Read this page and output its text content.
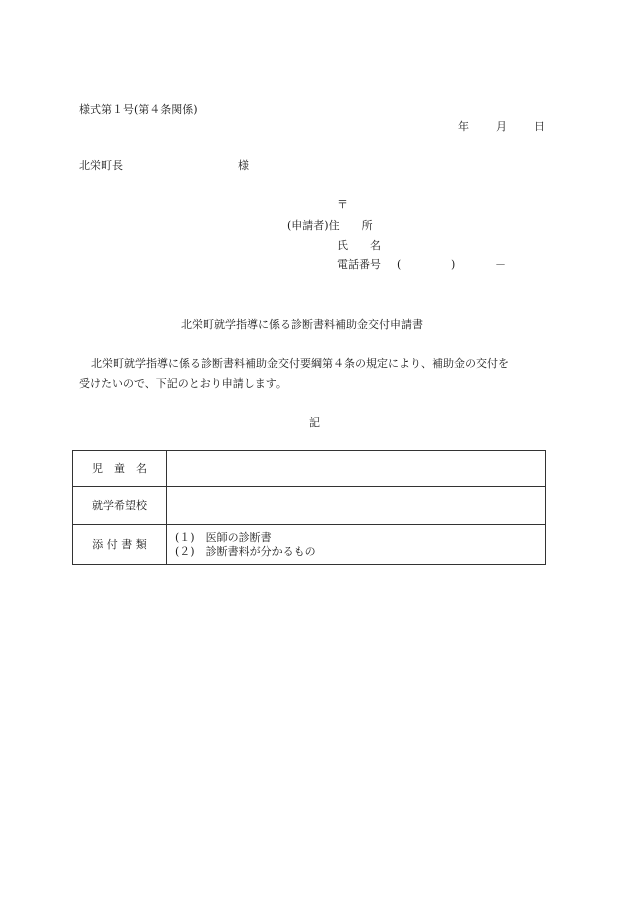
様式第１号(第４条関係)
年 月 日
北栄町長	様
〒
(申請者)住　　所
氏　　名
電話番号 (	)	－
北栄町就学指導に係る診断書料補助金交付申請書
北栄町就学指導に係る診断書料補助金交付要綱第４条の規定により、補助金の交付を
受けたいので、下記のとおり申請します。
記
児　童　名	
就学希望校	
添 付 書 類	(１)　医師の診断書
(２)　診断書料が分かるもの
